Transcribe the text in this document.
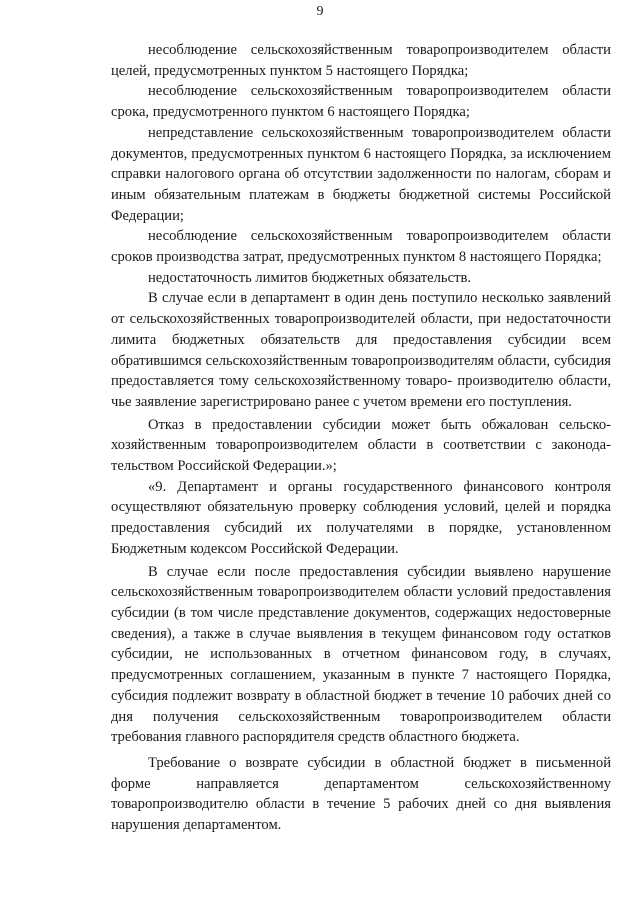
9

несоблюдение сельскохозяйственным товаропроизводителем области целей, предусмотренных пунктом 5 настоящего Порядка;

несоблюдение сельскохозяйственным товаропроизводителем области срока, предусмотренного пунктом 6 настоящего Порядка;

непредставление сельскохозяйственным товаропроизводителем области документов, предусмотренных пунктом 6 настоящего Порядка, за исключением справки налогового органа об отсутствии задолженности по налогам, сборам и иным обязательным платежам в бюджеты бюджетной системы Российской Федерации;

несоблюдение сельскохозяйственным товаропроизводителем области сроков производства затрат, предусмотренных пунктом 8 настоящего Порядка;

недостаточность лимитов бюджетных обязательств.

В случае если в департамент в один день поступило несколько заявлений от сельскохозяйственных товаропроизводителей области, при недостаточности лимита бюджетных обязательств для предоставления субсидии всем обратившимся сельскохозяйственным товаропроизводителям области, субсидия предоставляется тому сельскохозяйственному товаро- производителю области, чье заявление зарегистрировано ранее с учетом времени его поступления.

Отказ в предоставлении субсидии может быть обжалован сельско- хозяйственным товаропроизводителем области в соответствии с законода- тельством Российской Федерации.»;

«9. Департамент и органы государственного финансового контроля осуществляют обязательную проверку соблюдения условий, целей и порядка предоставления субсидий их получателями в порядке, установленном Бюджетным кодексом Российской Федерации.

В случае если после предоставления субсидии выявлено нарушение сельскохозяйственным товаропроизводителем области условий предоставления субсидии (в том числе представление документов, содержащих недостоверные сведения), а также в случае выявления в текущем финансовом году остатков субсидии, не использованных в отчетном финансовом году, в случаях, предусмотренных соглашением, указанным в пункте 7 настоящего Порядка, субсидия подлежит возврату в областной бюджет в течение 10 рабочих дней со дня получения сельскохозяйственным товаропроизводителем области требования главного распорядителя средств областного бюджета.

Требование о возврате субсидии в областной бюджет в письменной форме направляется департаментом сельскохозяйственному товаропроизводителю области в течение 5 рабочих дней со дня выявления нарушения департаментом.
